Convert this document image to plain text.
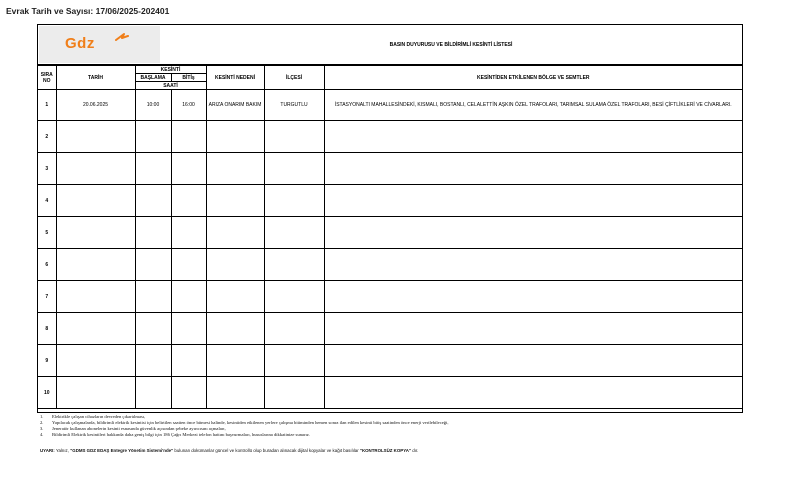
Evrak Tarih ve Sayısı: 17/06/2025-202401
Gdz	BASIN DUYURUSU VE BİLDİRİMLİ KESİNTİ LİSTESİ
SIRA
NO	TARİH	KESİNTİ		KESİNTİ NEDENİ	İLÇESİ	KESİNTİDEN ETKİLENEN BÖLGE VE SEMTLER
		BAŞLAMA	BİTİş			
		SAATİ				
1	20.06.2025	10:00	16:00	ARIZA ONARIM BAKIM	TURGUTLU	İSTASYONALTI MAHALLESİNDEKİ, KISMALI, BOSTANLI, CELALETTİN AŞKIN ÖZEL TRAFOLARI, TARIMSAL SULAMA ÖZEL TRAFOLARI, BESİ ÇİFTLİKLERİ VE CİVARLARI.
2						
3						
4						
5						
6						
7						
8						
9						
10						
1.	Elektrikle çalışan cihazların devreden çıkartılması,
2.	Yapılacak çalışmalarda, bildirimli elektrik kesintisi için belirtilen saatten önce bitmesi halinde, kesintiden etkilenen yerlere çalışma bitiminden hemen sonra ilan edilen kesinti bitiş saatinden önce enerji verilebileceği,
3.	Jeneratör kullanan abonelerin kesinti esnasında güvenlik açısından şebeke ayırıcısını açmaları,
4.	Bildirimli Elektrik kesintileri hakkında daha geniş bilgi için 186 Çağrı Merkezi telefon hattını başvurmaları, hususlarına dikkatinize sunarız.
UYARI: Yalnız, "GDMS GDZ EDAŞ Entegre Yönetim Sistemi'nde" bulunan dokümanlar güncel ve kontrollü olup buradan alınacak dijital kopyalar ve kağıt basılılar "KONTROLSÜZ KOPYA" dır.
